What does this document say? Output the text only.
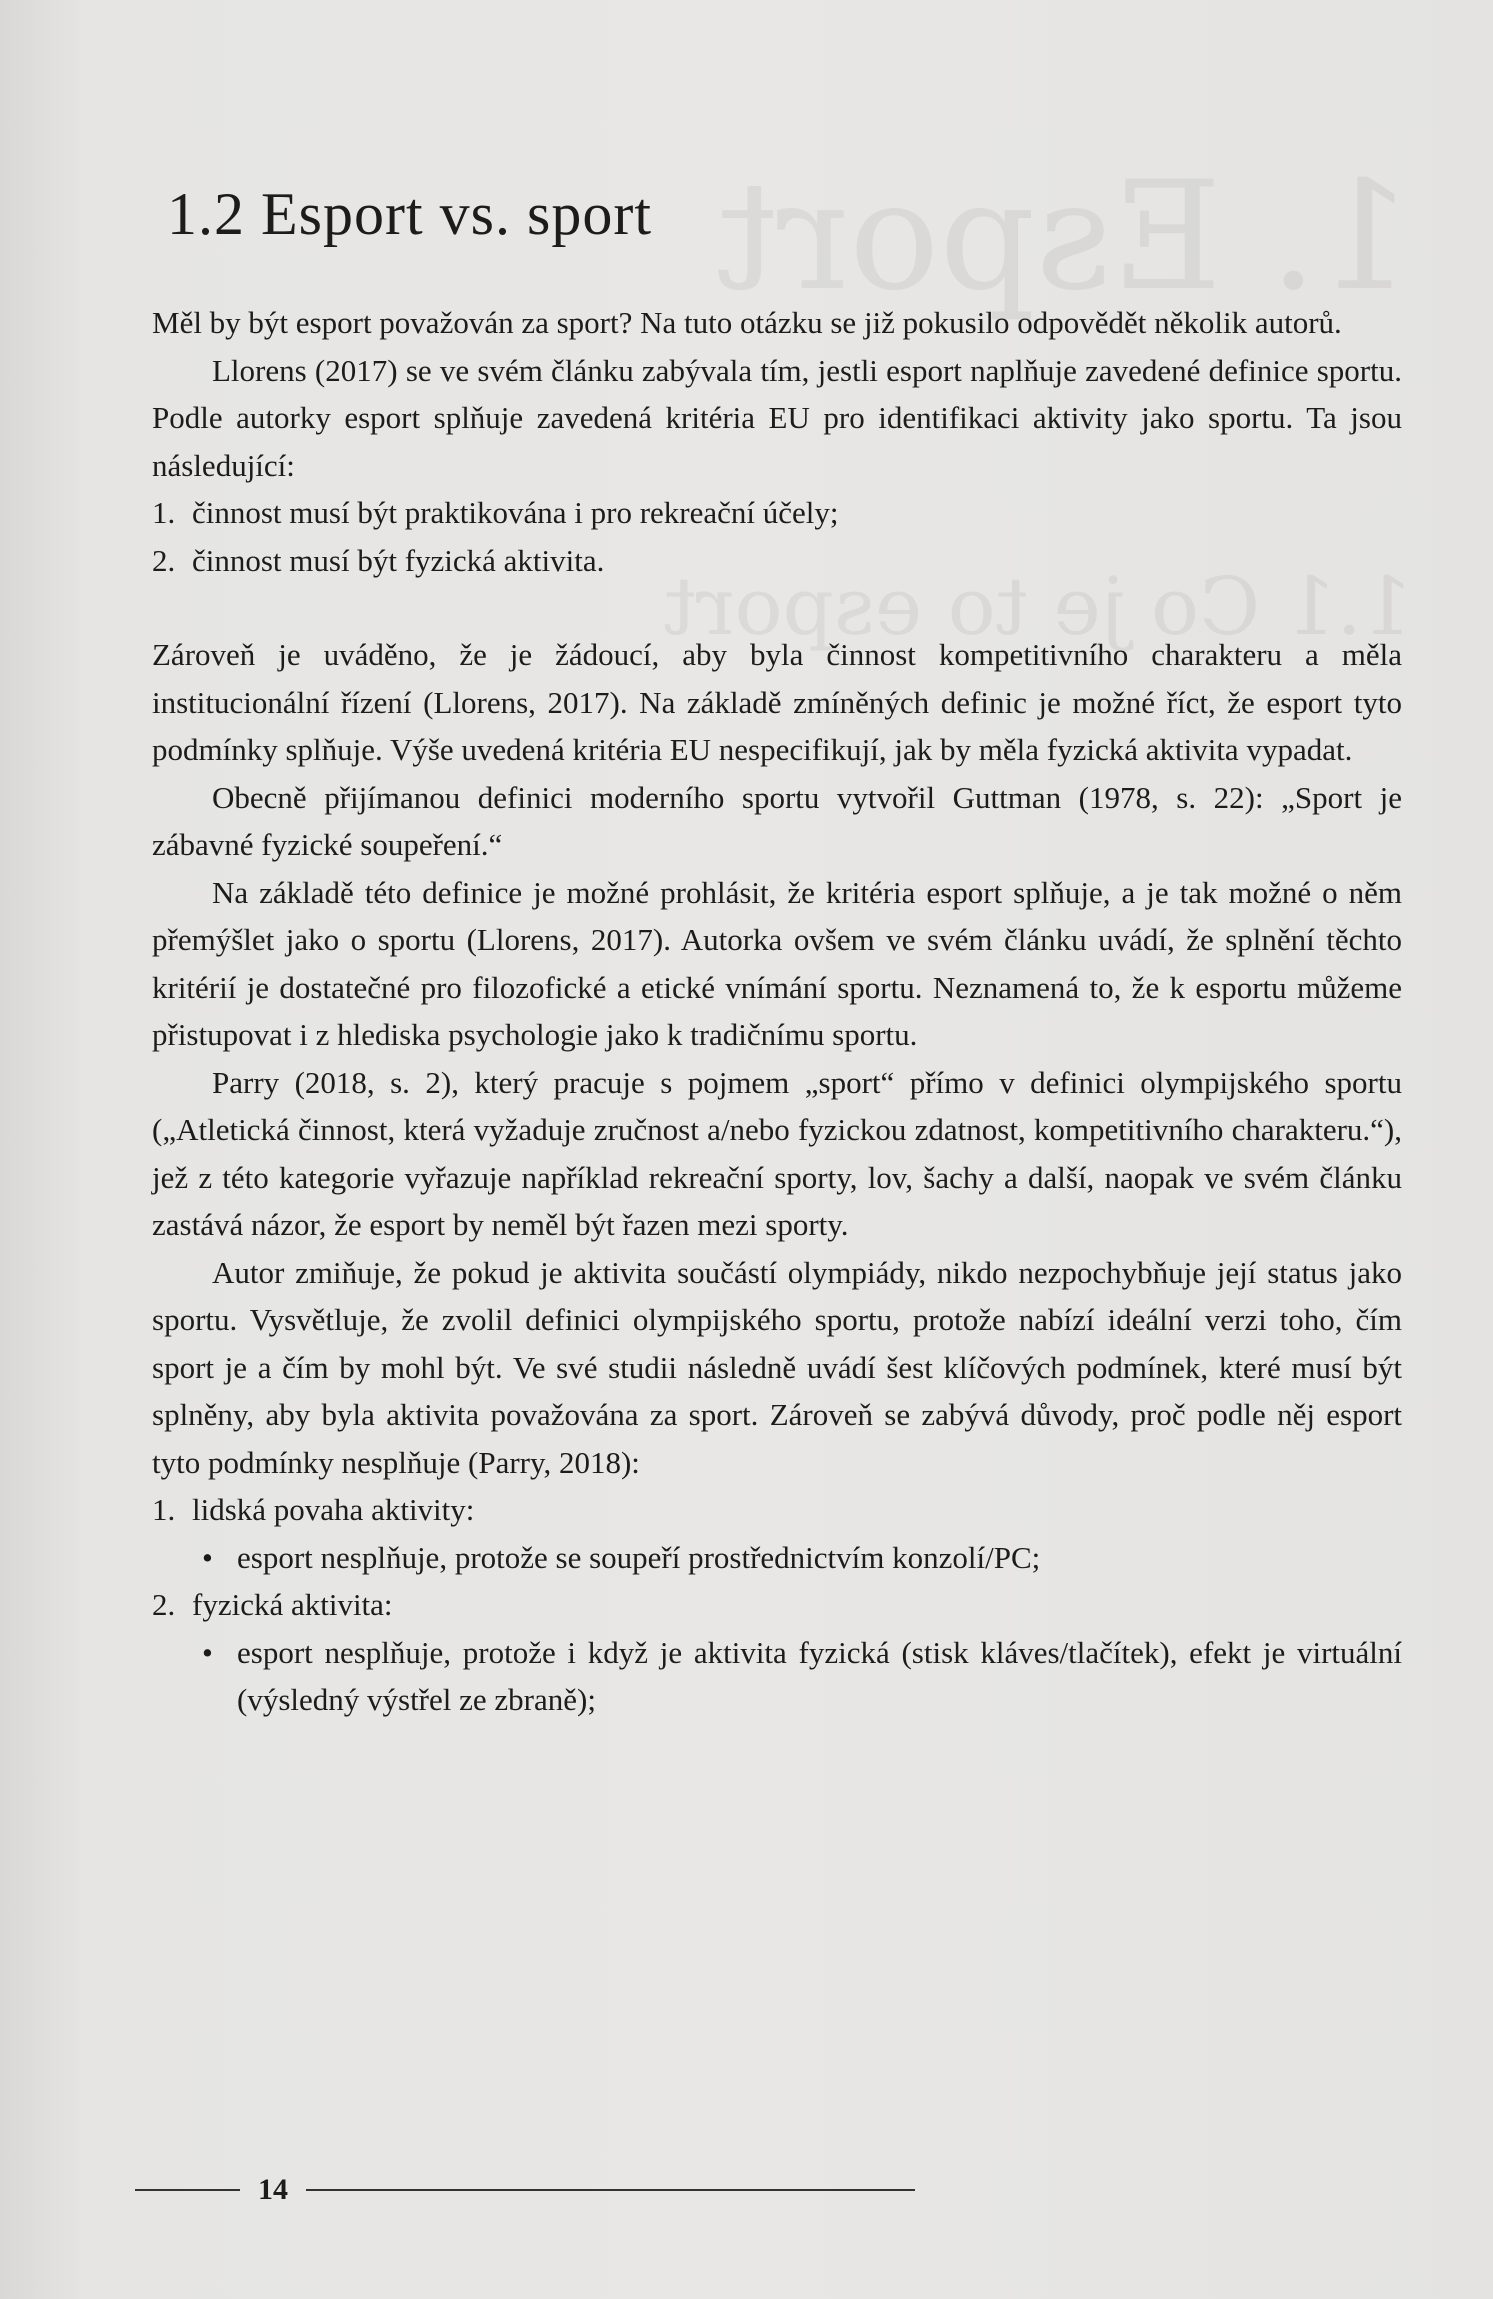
1. Esport
1.1 Co je to esport
1.2 Esport vs. sport

Měl by být esport považován za sport? Na tuto otázku se již pokusilo odpovědět několik autorů.

Llorens (2017) se ve svém článku zabývala tím, jestli esport naplňuje zavedené definice sportu. Podle autorky esport splňuje zavedená kritéria EU pro identifikaci aktivity jako sportu. Ta jsou následující:

1. činnost musí být praktikována i pro rekreační účely;
2. činnost musí být fyzická aktivita.

Zároveň je uváděno, že je žádoucí, aby byla činnost kompetitivního charakteru a měla institucionální řízení (Llorens, 2017). Na základě zmíněných definic je možné říct, že esport tyto podmínky splňuje. Výše uvedená kritéria EU nespecifikují, jak by měla fyzická aktivita vypadat.

Obecně přijímanou definici moderního sportu vytvořil Guttman (1978, s. 22): „Sport je zábavné fyzické soupeření.“

Na základě této definice je možné prohlásit, že kritéria esport splňuje, a je tak možné o něm přemýšlet jako o sportu (Llorens, 2017). Autorka ovšem ve svém článku uvádí, že splnění těchto kritérií je dostatečné pro filozofické a etické vnímání sportu. Neznamená to, že k esportu můžeme přistupovat i z hlediska psychologie jako k tradičnímu sportu.

Parry (2018, s. 2), který pracuje s pojmem „sport“ přímo v definici olympijského sportu („Atletická činnost, která vyžaduje zručnost a/nebo fyzickou zdatnost, kompetitivního charakteru.“), jež z této kategorie vyřazuje například rekreační sporty, lov, šachy a další, naopak ve svém článku zastává názor, že esport by neměl být řazen mezi sporty.

Autor zmiňuje, že pokud je aktivita součástí olympiády, nikdo nezpochybňuje její status jako sportu. Vysvětluje, že zvolil definici olympijského sportu, protože nabízí ideální verzi toho, čím sport je a čím by mohl být. Ve své studii následně uvádí šest klíčových podmínek, které musí být splněny, aby byla aktivita považována za sport. Zároveň se zabývá důvody, proč podle něj esport tyto podmínky nesplňuje (Parry, 2018):

1. lidská povaha aktivity:
• esport nesplňuje, protože se soupeří prostřednictvím konzolí/PC;
2. fyzická aktivita:
• esport nesplňuje, protože i když je aktivita fyzická (stisk kláves/tlačítek), efekt je virtuální (výsledný výstřel ze zbraně);
14
